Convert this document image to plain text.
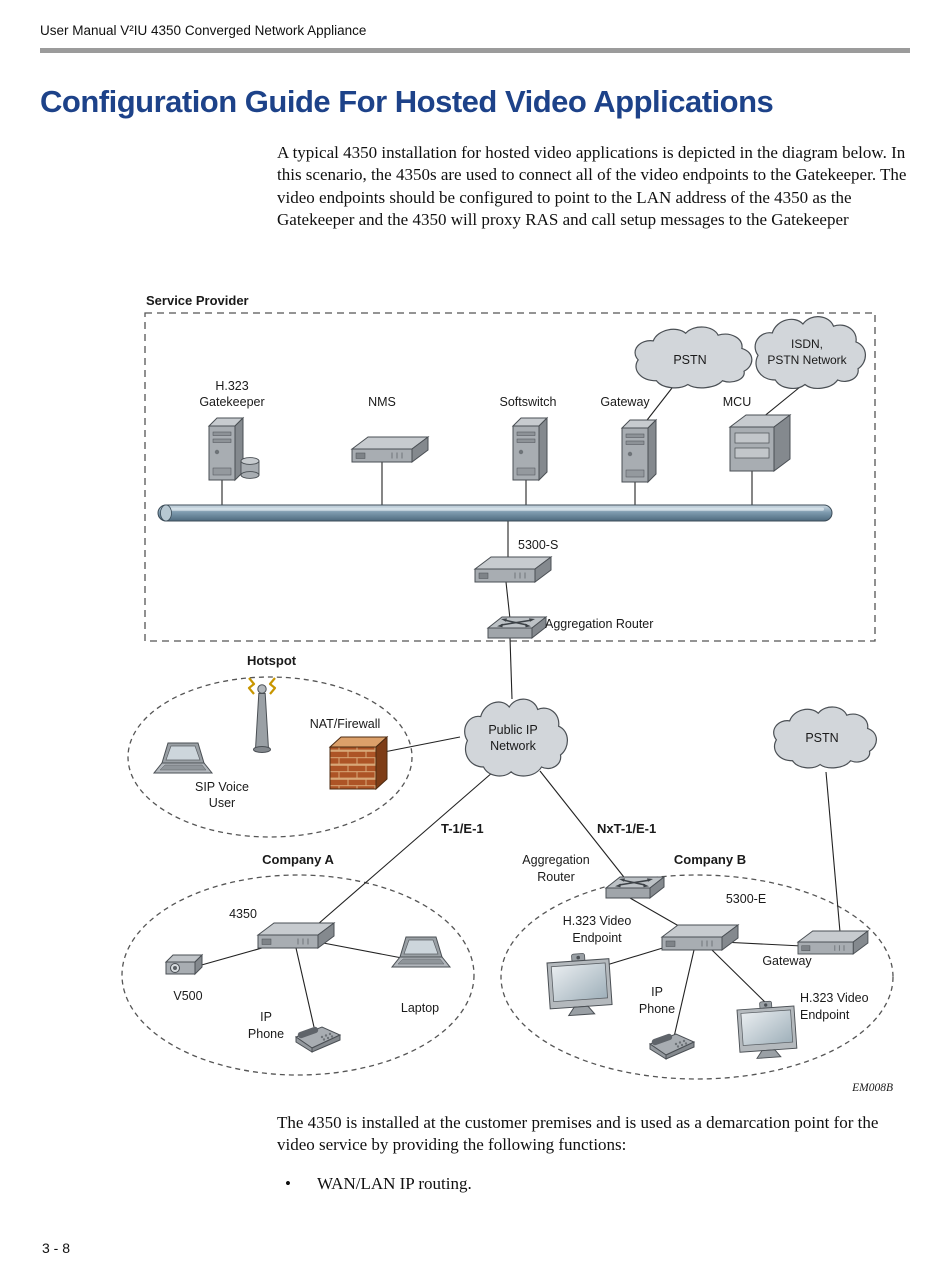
User Manual V²IU 4350 Converged Network Appliance
Configuration Guide For Hosted Video Applications

A typical 4350 installation for hosted video applications is depicted in the diagram below. In this scenario, the 4350s are used to connect all of the video endpoints to the Gatekeeper. The video endpoints should be configured to point to the LAN address of the 4350 as the Gatekeeper and the 4350 will proxy RAS and call setup messages to the Gatekeeper

Service Provider
PSTN
ISDN,
PSTN Network
H.323
Gatekeeper	NMS	Softswitch	Gateway	MCU
5300-S
Aggregation Router
Hotspot
NAT/Firewall
SIP Voice
User
Public IP
Network
PSTN
T-1/E-1	NxT-1/E-1
Company A
4350
V500
IP
Phone
Laptop
Aggregation
Router
Company B
5300-E
H.323 Video
Endpoint
Gateway
IP
Phone
H.323 Video
Endpoint
EM008B

The 4350 is installed at the customer premises and is used as a demarcation point for the video service by providing the following functions:

•	WAN/LAN IP routing.
3 - 8
